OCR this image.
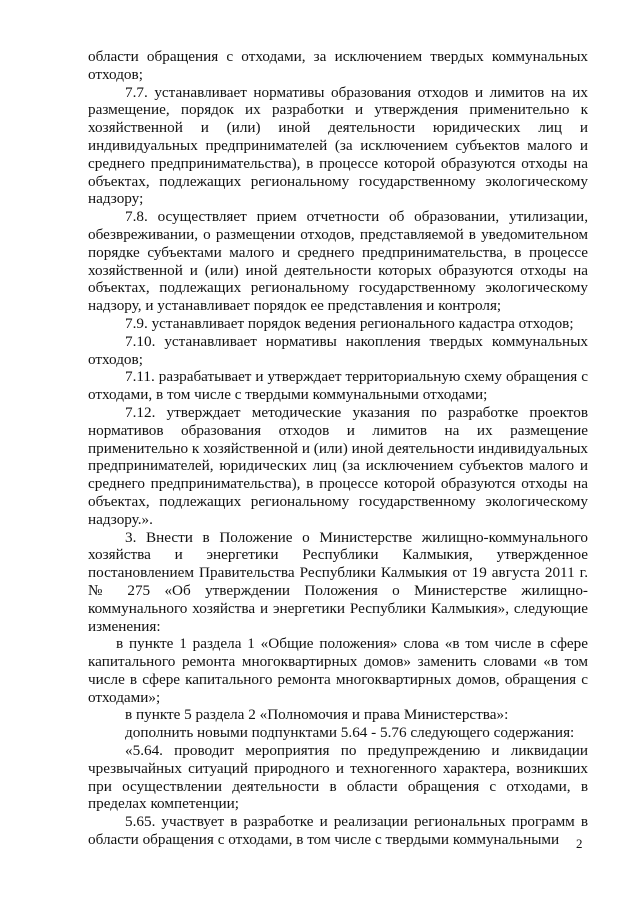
области обращения с отходами, за исключением твердых коммунальных отходов;

7.7. устанавливает нормативы образования отходов и лимитов на их размещение, порядок их разработки и утверждения применительно к хозяйственной и (или) иной деятельности юридических лиц и индивидуальных предпринимателей (за исключением субъектов малого и среднего предпринимательства), в процессе которой образуются отходы на объектах, подлежащих региональному государственному экологическому надзору;

7.8. осуществляет прием отчетности об образовании, утилизации, обезвреживании, о размещении отходов, представляемой в уведомительном порядке субъектами малого и среднего предпринимательства, в процессе хозяйственной и (или) иной деятельности которых образуются отходы на объектах, подлежащих региональному государственному экологическому надзору, и устанавливает порядок ее представления и контроля;

7.9. устанавливает порядок ведения регионального кадастра отходов;

7.10. устанавливает нормативы накопления твердых коммунальных отходов;

7.11. разрабатывает и утверждает территориальную схему обращения с отходами, в том числе с твердыми коммунальными отходами;

7.12. утверждает методические указания по разработке проектов нормативов образования отходов и лимитов на их размещение применительно к хозяйственной и (или) иной деятельности индивидуальных предпринимателей, юридических лиц (за исключением субъектов малого и среднего предпринимательства), в процессе которой образуются отходы на объектах, подлежащих региональному государственному экологическому надзору.».

3. Внести в Положение о Министерстве жилищно-коммунального хозяйства и энергетики Республики Калмыкия, утвержденное постановлением Правительства Республики Калмыкия от 19 августа 2011 г. № 275 «Об утверждении Положения о Министерстве жилищно-коммунального хозяйства и энергетики Республики Калмыкия», следующие изменения:

в пункте 1 раздела 1 «Общие положения» слова «в том числе в сфере капитального ремонта многоквартирных домов» заменить словами «в том числе в сфере капитального ремонта многоквартирных домов, обращения с отходами»;

в пункте 5 раздела 2 «Полномочия и права Министерства»:

дополнить новыми подпунктами 5.64 - 5.76 следующего содержания:

«5.64. проводит мероприятия по предупреждению и ликвидации чрезвычайных ситуаций природного и техногенного характера, возникших при осуществлении деятельности в области обращения с отходами, в пределах компетенции;

5.65. участвует в разработке и реализации региональных программ в области обращения с отходами, в том числе с твердыми коммунальными	2
